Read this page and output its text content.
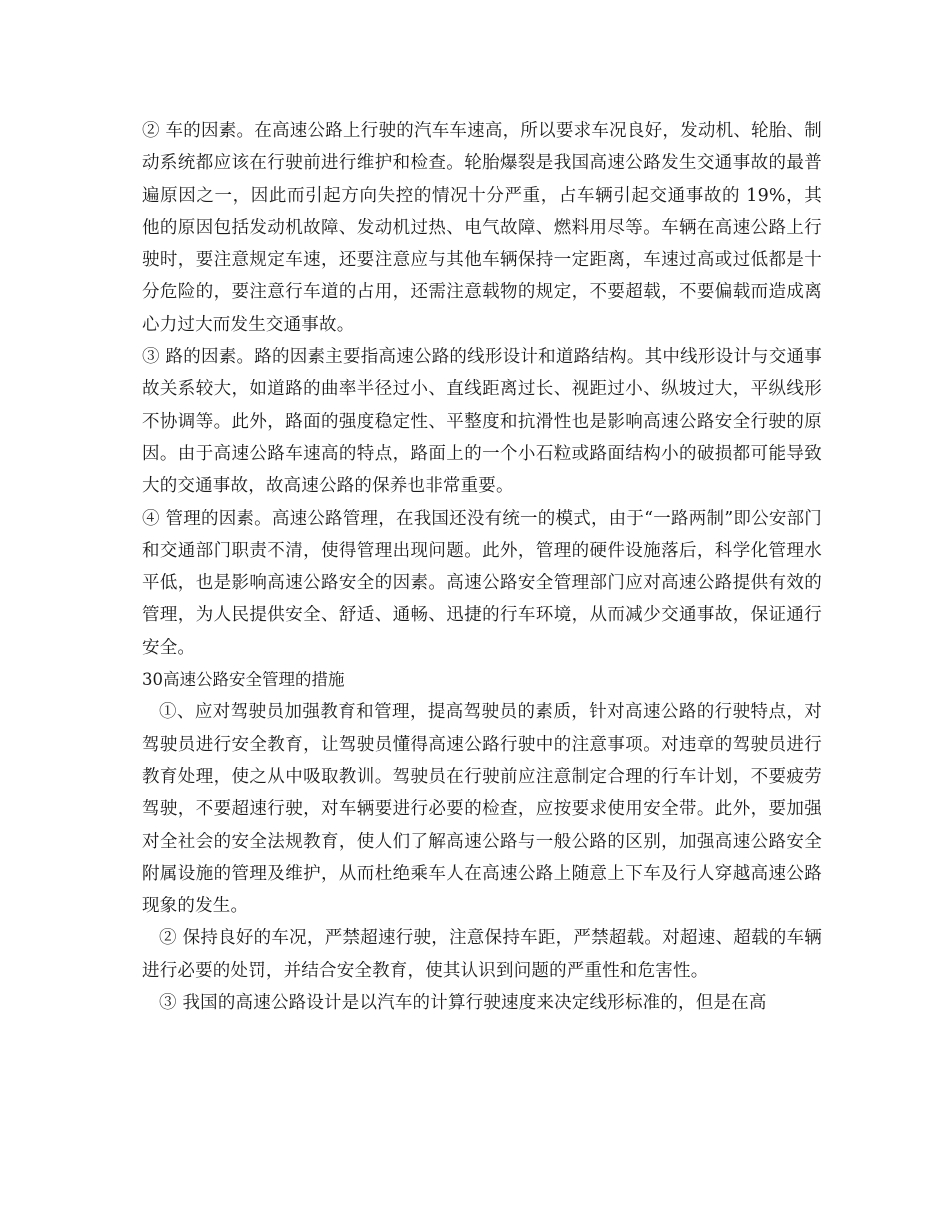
② 车的因素。在高速公路上行驶的汽车车速高，所以要求车况良好，发动机、轮胎、制动系统都应该在行驶前进行维护和检查。轮胎爆裂是我国高速公路发生交通事故的最普遍原因之一，因此而引起方向失控的情况十分严重，占车辆引起交通事故的 19%，其他的原因包括发动机故障、发动机过热、电气故障、燃料用尽等。车辆在高速公路上行驶时，要注意规定车速，还要注意应与其他车辆保持一定距离，车速过高或过低都是十分危险的，要注意行车道的占用，还需注意载物的规定，不要超载，不要偏载而造成离心力过大而发生交通事故。

③ 路的因素。路的因素主要指高速公路的线形设计和道路结构。其中线形设计与交通事故关系较大，如道路的曲率半径过小、直线距离过长、视距过小、纵坡过大，平纵线形不协调等。此外，路面的强度稳定性、平整度和抗滑性也是影响高速公路安全行驶的原因。由于高速公路车速高的特点，路面上的一个小石粒或路面结构小的破损都可能导致大的交通事故，故高速公路的保养也非常重要。

④ 管理的因素。高速公路管理，在我国还没有统一的模式，由于“一路两制”即公安部门和交通部门职责不清，使得管理出现问题。此外，管理的硬件设施落后，科学化管理水平低，也是影响高速公路安全的因素。高速公路安全管理部门应对高速公路提供有效的管理，为人民提供安全、舒适、通畅、迅捷的行车环境，从而减少交通事故，保证通行安全。

30高速公路安全管理的措施

①、应对驾驶员加强教育和管理，提高驾驶员的素质，针对高速公路的行驶特点，对驾驶员进行安全教育，让驾驶员懂得高速公路行驶中的注意事项。对违章的驾驶员进行教育处理，使之从中吸取教训。驾驶员在行驶前应注意制定合理的行车计划，不要疲劳驾驶，不要超速行驶，对车辆要进行必要的检查，应按要求使用安全带。此外，要加强对全社会的安全法规教育，使人们了解高速公路与一般公路的区别，加强高速公路安全附属设施的管理及维护，从而杜绝乘车人在高速公路上随意上下车及行人穿越高速公路现象的发生。

② 保持良好的车况，严禁超速行驶，注意保持车距，严禁超载。对超速、超载的车辆进行必要的处罚，并结合安全教育，使其认识到问题的严重性和危害性。

③ 我国的高速公路设计是以汽车的计算行驶速度来决定线形标准的，但是在高
